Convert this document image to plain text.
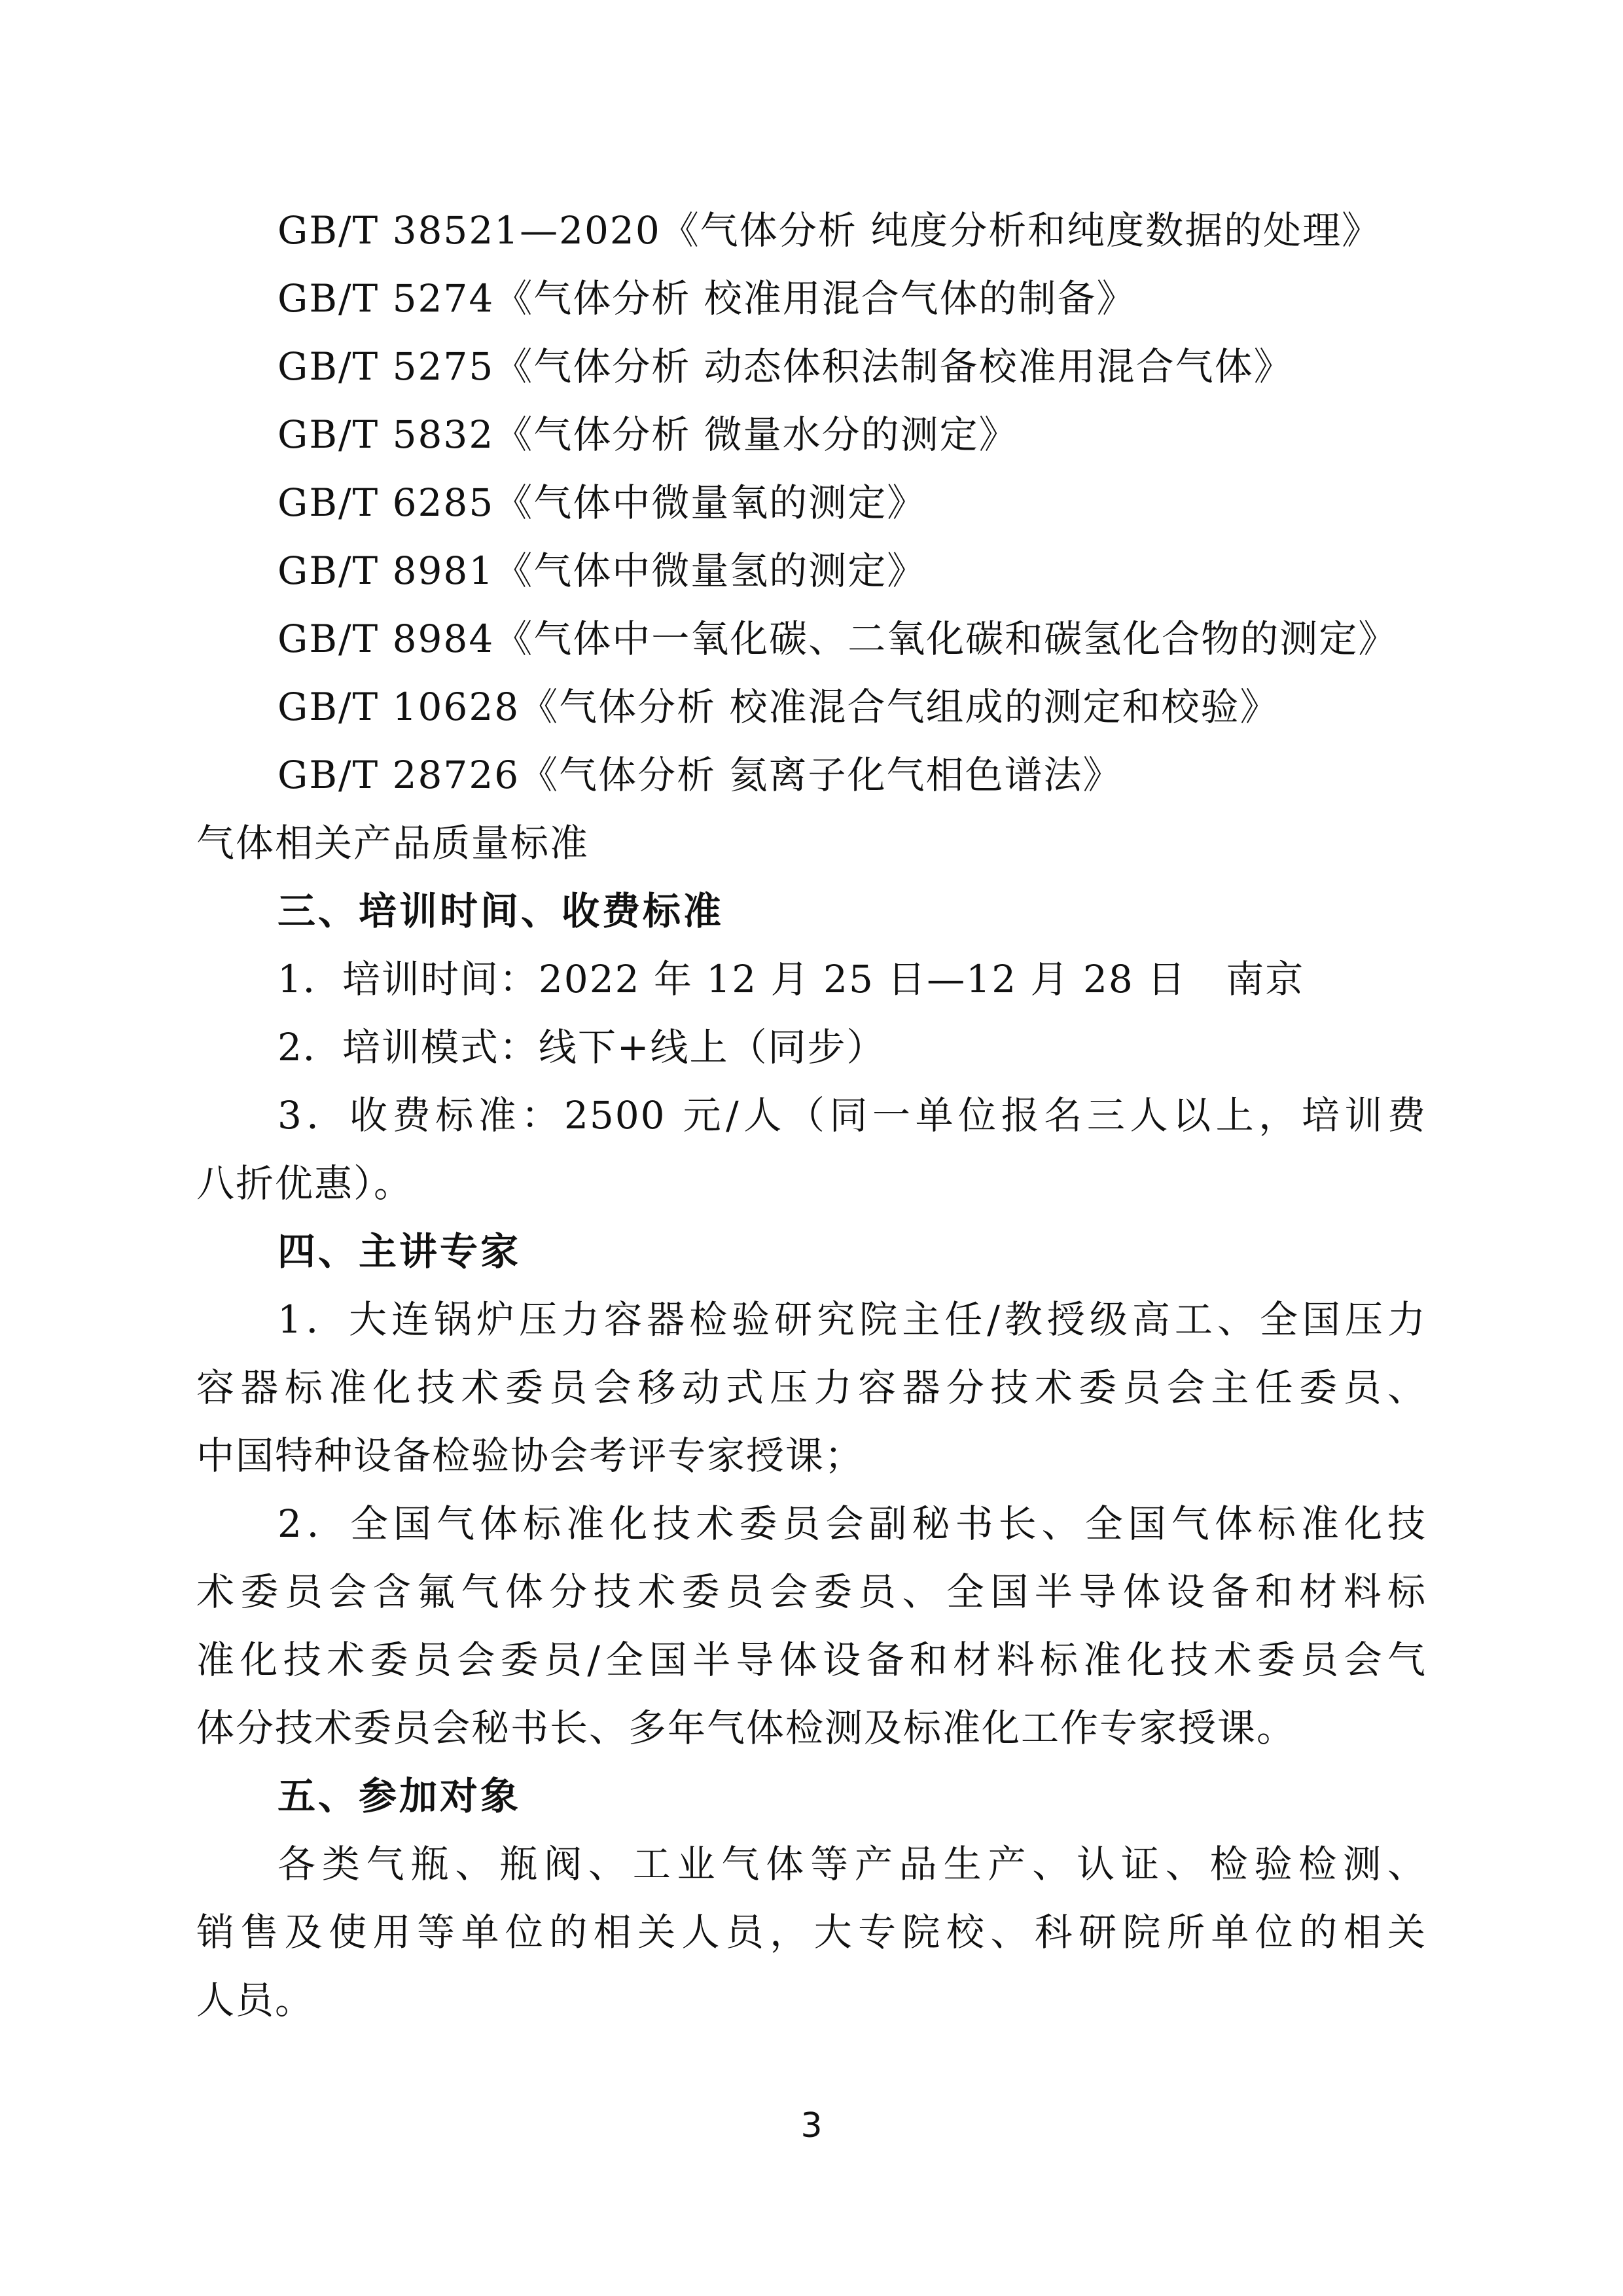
GB/T 38521—2020《气体分析 纯度分析和纯度数据的处理》
GB/T 5274《气体分析 校准用混合气体的制备》
GB/T 5275《气体分析 动态体积法制备校准用混合气体》
GB/T 5832《气体分析 微量水分的测定》
GB/T 6285《气体中微量氧的测定》
GB/T 8981《气体中微量氢的测定》
GB/T 8984《气体中一氧化碳、二氧化碳和碳氢化合物的测定》
GB/T 10628《气体分析 校准混合气组成的测定和校验》
GB/T 28726《气体分析 氦离子化气相色谱法》
气体相关产品质量标准
三、培训时间、收费标准
1．培训时间：2022 年 12 月 25 日—12 月 28 日　南京
2．培训模式：线下+线上（同步）
3．收费标准：2500 元/人（同一单位报名三人以上，培训费
八折优惠）。
四、主讲专家
1．大连锅炉压力容器检验研究院主任/教授级高工、全国压力
容器标准化技术委员会移动式压力容器分技术委员会主任委员、
中国特种设备检验协会考评专家授课；
2．全国气体标准化技术委员会副秘书长、全国气体标准化技
术委员会含氟气体分技术委员会委员、全国半导体设备和材料标
准化技术委员会委员/全国半导体设备和材料标准化技术委员会气
体分技术委员会秘书长、多年气体检测及标准化工作专家授课。
五、参加对象
各类气瓶、瓶阀、工业气体等产品生产、认证、检验检测、
销售及使用等单位的相关人员，大专院校、科研院所单位的相关
人员。
3
